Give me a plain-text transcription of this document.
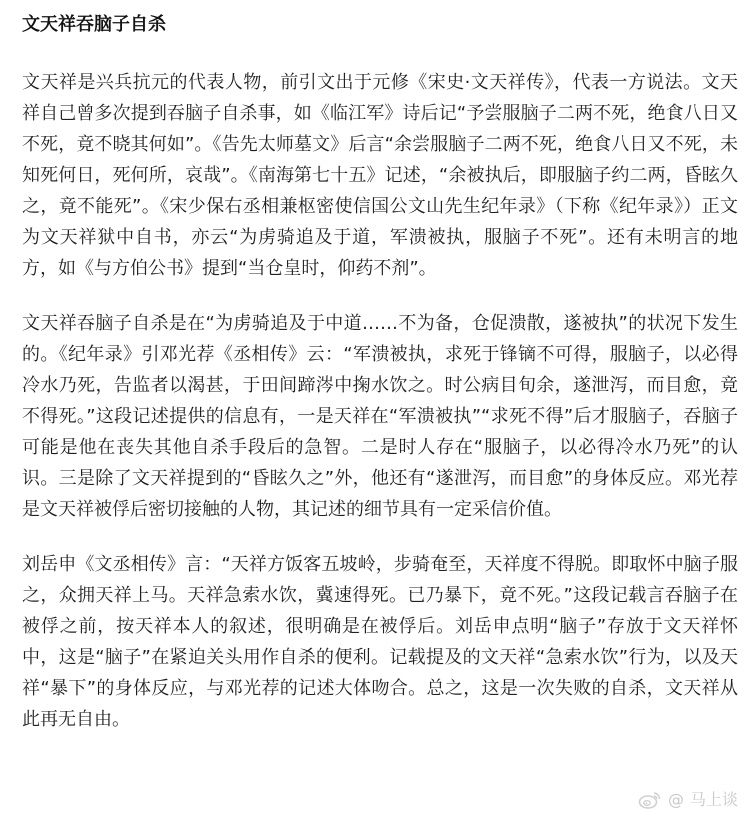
文天祥吞脑子自杀

文天祥是兴兵抗元的代表人物，前引文出于元修《宋史·文天祥传》，代表一方说法。文天祥自己曾多次提到吞脑子自杀事，如《临江军》诗后记“予尝服脑子二两不死，绝食八日又不死，竟不晓其何如”。《告先太师墓文》后言“余尝服脑子二两不死，绝食八日又不死，未知死何日，死何所，哀哉”。《南海第七十五》记述，“余被执后，即服脑子约二两，昏眩久之，竟不能死”。《宋少保右丞相兼枢密使信国公文山先生纪年录》（下称《纪年录》）正文为文天祥狱中自书，亦云“为虏骑追及于道，军溃被执，服脑子不死”。还有未明言的地方，如《与方伯公书》提到“当仓皇时，仰药不剂”。

文天祥吞脑子自杀是在“为虏骑追及于中道……不为备，仓促溃散，遂被执”的状况下发生的。《纪年录》引邓光荐《丞相传》云：“军溃被执，求死于锋镝不可得，服脑子，以必得冷水乃死，告监者以渴甚，于田间蹄涔中掬水饮之。时公病目旬余，遂泄泻，而目愈，竟不得死。”这段记述提供的信息有，一是天祥在“军溃被执”“求死不得”后才服脑子，吞脑子可能是他在丧失其他自杀手段后的急智。二是时人存在“服脑子，以必得冷水乃死”的认识。三是除了文天祥提到的“昏眩久之”外，他还有“遂泄泻，而目愈”的身体反应。邓光荐是文天祥被俘后密切接触的人物，其记述的细节具有一定采信价值。

刘岳申《文丞相传》言：“天祥方饭客五坡岭，步骑奄至，天祥度不得脱。即取怀中脑子服之，众拥天祥上马。天祥急索水饮，冀速得死。已乃暴下，竟不死。”这段记载言吞脑子在被俘之前，按天祥本人的叙述，很明确是在被俘后。刘岳申点明“脑子”存放于文天祥怀中，这是“脑子”在紧迫关头用作自杀的便利。记载提及的文天祥“急索水饮”行为，以及天祥“暴下”的身体反应，与邓光荐的记述大体吻合。总之，这是一次失败的自杀，文天祥从此再无自由。

@ 马上谈
